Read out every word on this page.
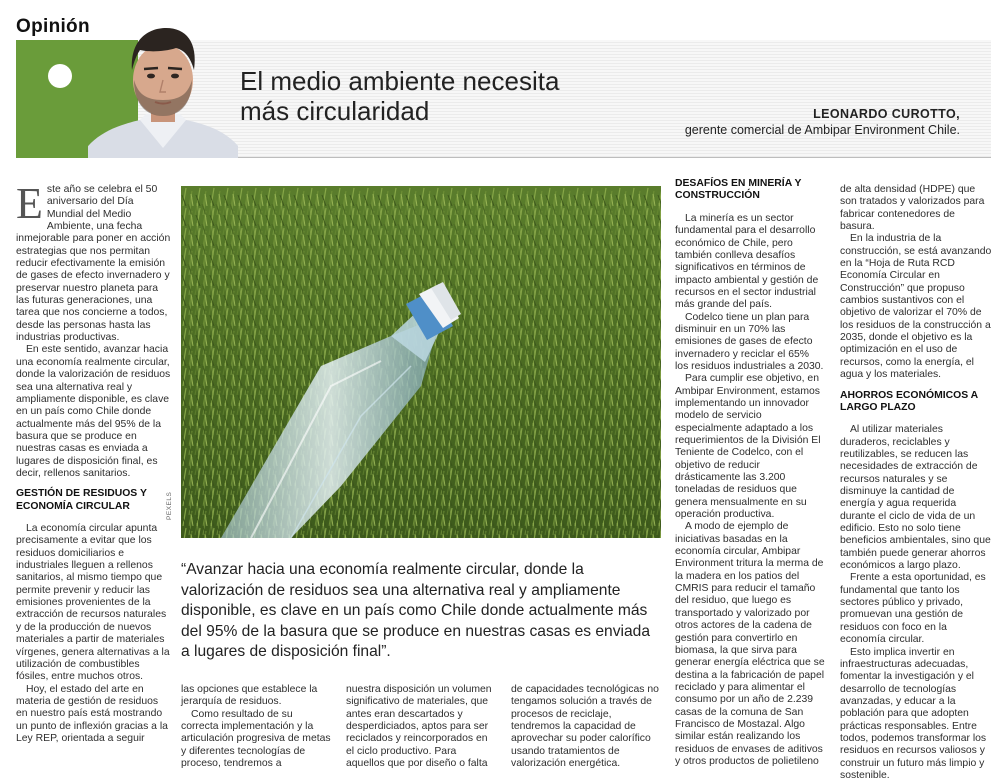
Opinión
El medio ambiente necesita
más circularidad	LEONARDO CUROTTO,
gerente comercial de Ambipar Environment Chile.

E ste año se celebra el 50 aniversario del Día Mundial del Medio Ambiente, una fecha inmejorable para poner en acción estrategias que nos permitan reducir efectivamente la emisión de gases de efecto invernadero y preservar nuestro planeta para las futuras generaciones, una tarea que nos concierne a todos, desde las personas hasta las industrias productivas.

En este sentido, avanzar hacia una economía realmente circular, donde la valorización de residuos sea una alternativa real y ampliamente disponible, es clave en un país como Chile donde actualmente más del 95% de la basura que se produce en nuestras casas es enviada a lugares de disposición final, es decir, rellenos sanitarios.

GESTIÓN DE RESIDUOS Y ECONOMÍA CIRCULAR

La economía circular apunta precisamente a evitar que los residuos domiciliarios e industriales lleguen a rellenos sanitarios, al mismo tiempo que permite prevenir y reducir las emisiones provenientes de la extracción de recursos naturales y de la producción de nuevos materiales a partir de materiales vírgenes, genera alternativas a la utilización de combustibles fósiles, entre muchos otros.

Hoy, el estado del arte en materia de gestión de residuos en nuestro país está mostrando un punto de inflexión gracias a la Ley REP, orientada a seguir

PEXELS
“Avanzar hacia una economía realmente circular, donde la valorización de residuos sea una alternativa real y ampliamente disponible, es clave en un país como Chile donde actualmente más del 95% de la basura que se produce en nuestras casas es enviada a lugares de disposición final”.

las opciones que establece la jerarquía de residuos.

Como resultado de su correcta implementación y la articulación progresiva de metas y diferentes tecnologías de proceso, tendremos a

nuestra disposición un volumen significativo de materiales, que antes eran descartados y desperdiciados, aptos para ser reciclados y reincorporados en el ciclo productivo. Para aquellos que por diseño o falta

de capacidades tecnológicas no tengamos solución a través de procesos de reciclaje, tendremos la capacidad de aprovechar su poder calorífico usando tratamientos de valorización energética.

DESAFÍOS EN MINERÍA Y CONSTRUCCIÓN

La minería es un sector fundamental para el desarrollo económico de Chile, pero también conlleva desafíos significativos en términos de impacto ambiental y gestión de recursos en el sector industrial más grande del país.

Codelco tiene un plan para disminuir en un 70% las emisiones de gases de efecto invernadero y reciclar el 65% los residuos industriales a 2030.

Para cumplir ese objetivo, en Ambipar Environment, estamos implementando un innovador modelo de servicio especialmente adaptado a los requerimientos de la División El Teniente de Codelco, con el objetivo de reducir drásticamente las 3.200 toneladas de residuos que genera mensualmente en su operación productiva.

A modo de ejemplo de iniciativas basadas en la economía circular, Ambipar Environment tritura la merma de la madera en los patios del CMRIS para reducir el tamaño del residuo, que luego es transportado y valorizado por otros actores de la cadena de gestión para convertirlo en biomasa, la que sirva para generar energía eléctrica que se destina a la fabricación de papel reciclado y para alimentar el consumo por un año de 2.239 casas de la comuna de San Francisco de Mostazal. Algo similar están realizando los residuos de envases de aditivos y otros productos de polietileno

de alta densidad (HDPE) que son tratados y valorizados para fabricar contenedores de basura.

En la industria de la construcción, se está avanzando en la “Hoja de Ruta RCD Economía Circular en Construcción” que propuso cambios sustantivos con el objetivo de valorizar el 70% de los residuos de la construcción a 2035, donde el objetivo es la optimización en el uso de recursos, como la energía, el agua y los materiales.

AHORROS ECONÓMICOS A LARGO PLAZO

Al utilizar materiales duraderos, reciclables y reutilizables, se reducen las necesidades de extracción de recursos naturales y se disminuye la cantidad de energía y agua requerida durante el ciclo de vida de un edificio. Esto no solo tiene beneficios ambientales, sino que también puede generar ahorros económicos a largo plazo.

Frente a esta oportunidad, es fundamental que tanto los sectores público y privado, promuevan una gestión de residuos con foco en la economía circular.

Esto implica invertir en infraestructuras adecuadas, fomentar la investigación y el desarrollo de tecnologías avanzadas, y educar a la población para que adopten prácticas responsables. Entre todos, podemos transformar los residuos en recursos valiosos y construir un futuro más limpio y sostenible.
